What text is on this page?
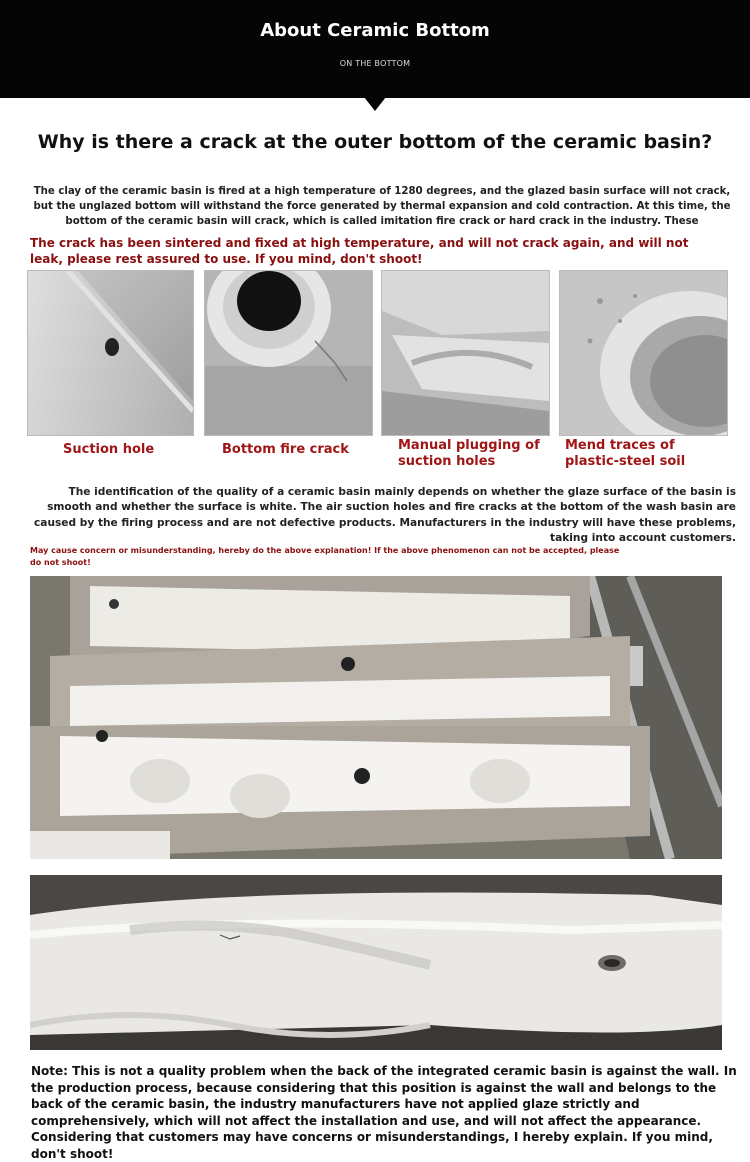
About Ceramic Bottom
ON THE BOTTOM
Why is there a crack at the outer bottom of the ceramic basin?
The clay of the ceramic basin is fired at a high temperature of 1280 degrees, and the glazed basin surface will not crack, but the unglazed bottom will withstand the force generated by thermal expansion and cold contraction. At this time, the bottom of the ceramic basin will crack, which is called imitation fire crack or hard crack in the industry. These
The crack has been sintered and fixed at high temperature, and will not crack again, and will not leak, please rest assured to use. If you mind, don't shoot!
Suction hole	Bottom fire crack	Manual plugging of suction holes
Mend traces of plastic-steel soil
The identification of the quality of a ceramic basin mainly depends on whether the glaze surface of the basin is smooth and whether the surface is white. The air suction holes and fire cracks at the bottom of the wash basin are caused by the firing process and are not defective products. Manufacturers in the industry will have these problems, taking into account customers.
May cause concern or misunderstanding, hereby do the above explanation! If the above phenomenon can not be accepted, please do not shoot!
Note: This is not a quality problem when the back of the integrated ceramic basin is against the wall. In the production process, because considering that this position is against the wall and belongs to the back of the ceramic basin, the industry manufacturers have not applied glaze strictly and comprehensively, which will not affect the installation and use, and will not affect the appearance. Considering that customers may have concerns or misunderstandings, I hereby explain. If you mind, don't shoot!
